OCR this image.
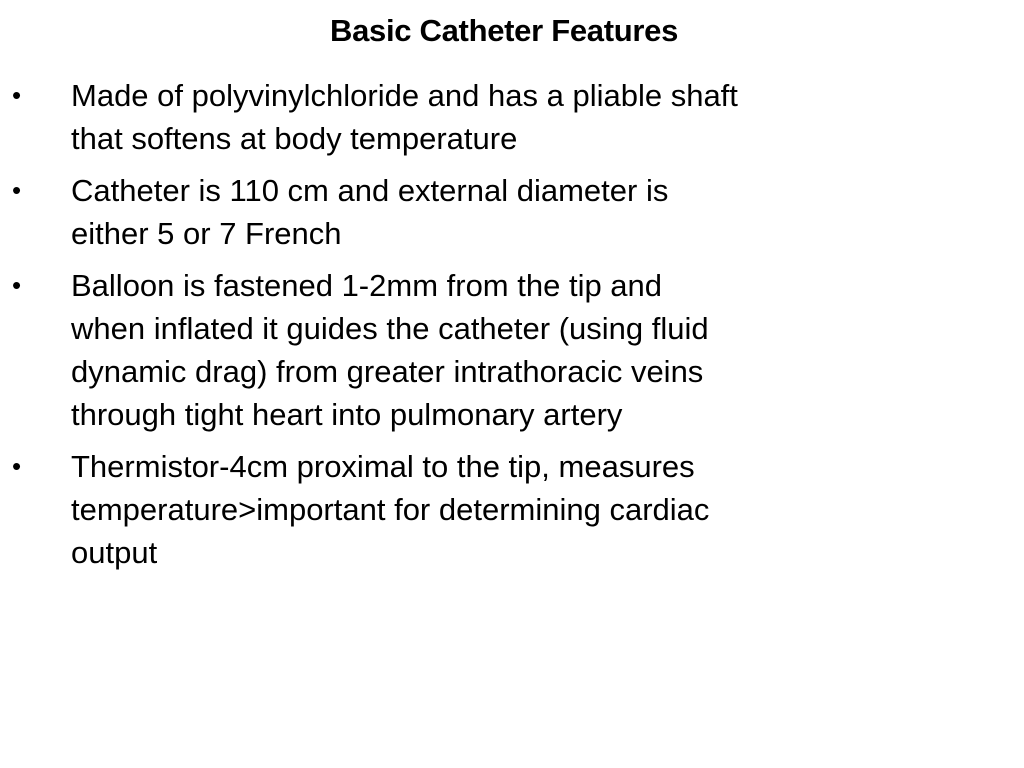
Basic Catheter Features
• Made of polyvinylchloride and has a pliable shaft that softens at body temperature
• Catheter is 110 cm and external diameter is either 5 or 7 French
• Balloon is fastened 1-2mm from the tip and when inflated it guides the catheter (using fluid dynamic drag) from greater intrathoracic veins through tight heart into pulmonary artery
• Thermistor-4cm proximal to the tip, measures temperature>important for determining cardiac output
